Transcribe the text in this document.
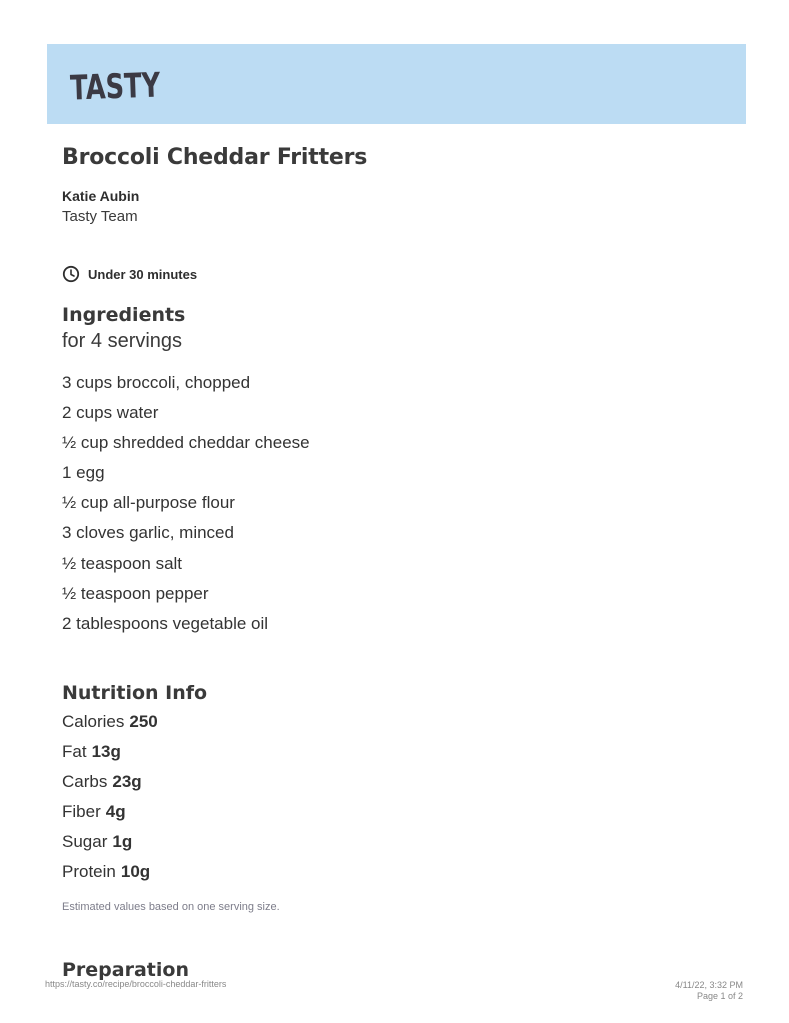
TASTY
Broccoli Cheddar Fritters
Katie Aubin
Tasty Team
Under 30 minutes
Ingredients
for 4 servings
3 cups broccoli, chopped
2 cups water
½ cup shredded cheddar cheese
1 egg
½ cup all-purpose flour
3 cloves garlic, minced
½ teaspoon salt
½ teaspoon pepper
2 tablespoons vegetable oil
Nutrition Info
Calories 250
Fat 13g
Carbs 23g
Fiber 4g
Sugar 1g
Protein 10g
Estimated values based on one serving size.
Preparation
https://tasty.co/recipe/broccoli-cheddar-fritters	4/11/22, 3:32 PM
Page 1 of 2
